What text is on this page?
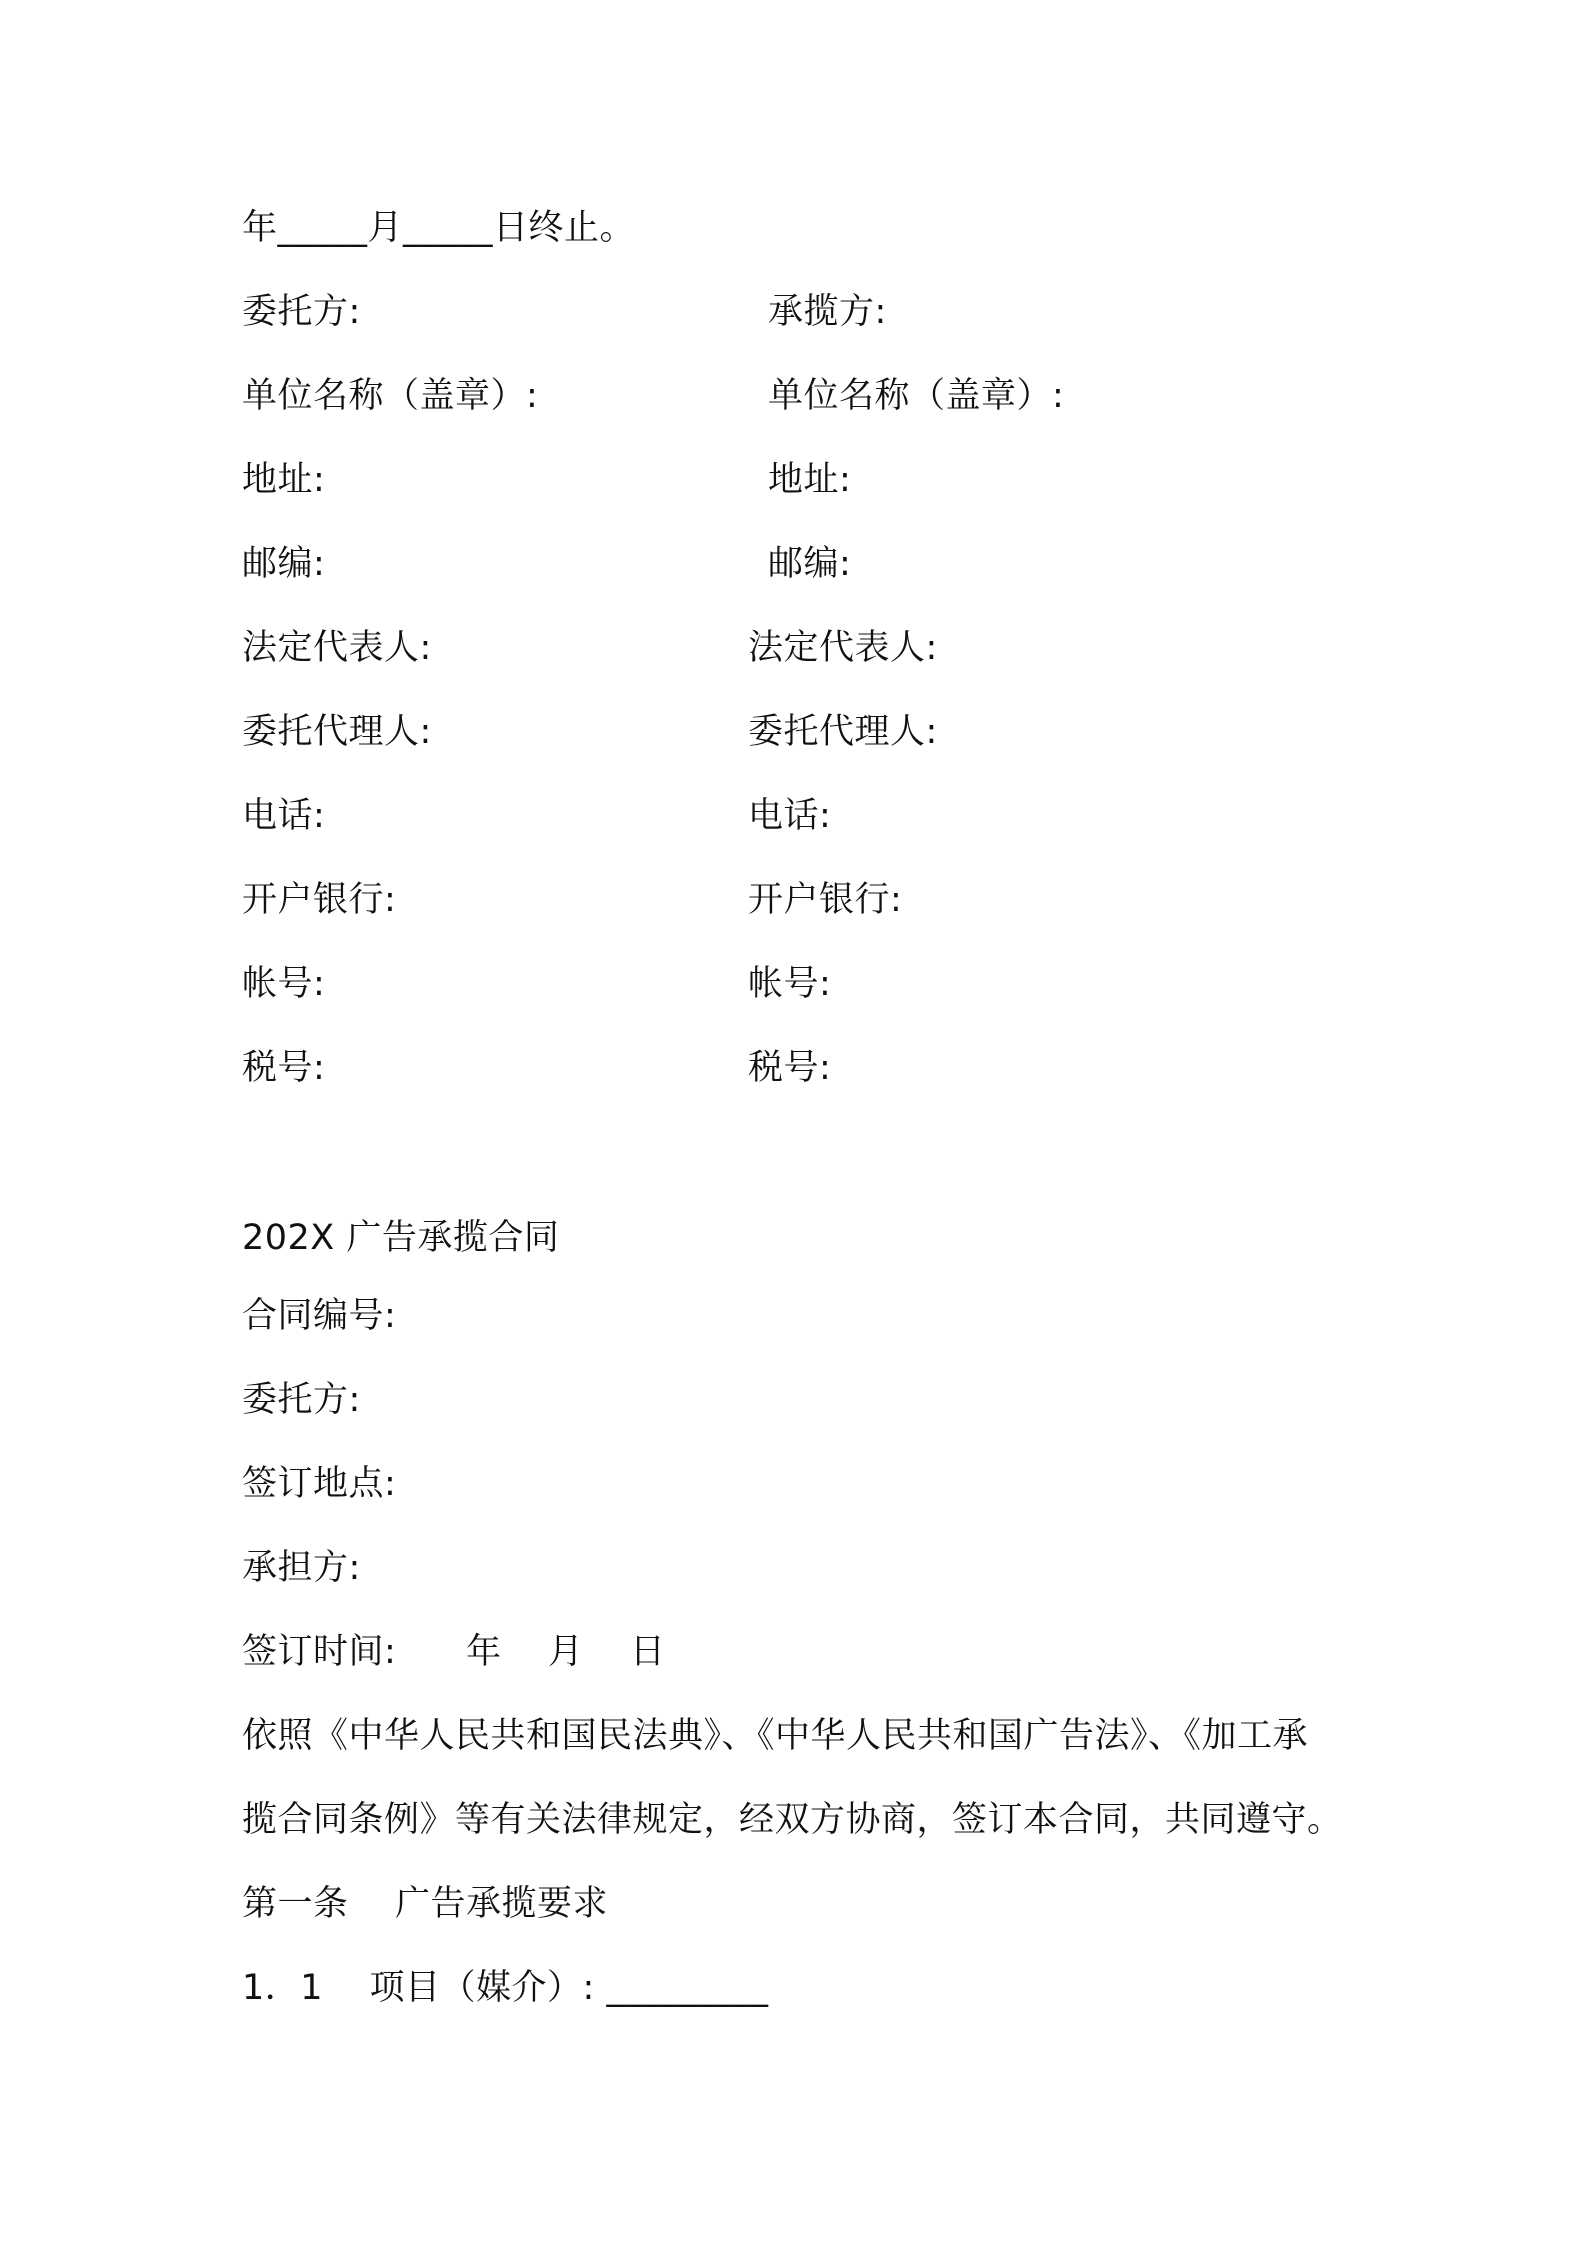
年_____月_____日终止。
委托方:
单位名称（盖章）:
地址:
邮编:
法定代表人:
委托代理人:
电话:
开户银行:
帐号:
税号:
承揽方:
单位名称（盖章）:
地址:
邮编:
法定代表人:
委托代理人:
电话:
开户银行:
帐号:
税号:
202X 广告承揽合同
合同编号:
委托方:
签订地点:
承担方:
签订时间:      年    月    日
依照《中华人民共和国民法典》、《中华人民共和国广告法》、《加工承
揽合同条例》等有关法律规定，经双方协商，签订本合同，共同遵守。
第一条    广告承揽要求
1．1    项目（媒介）: _________
